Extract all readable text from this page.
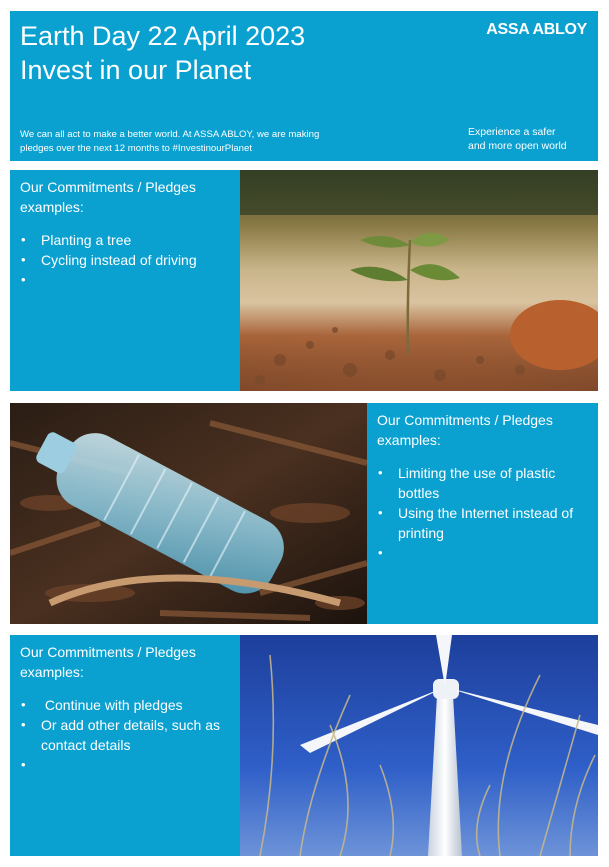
Earth Day 22 April 2023
Invest in our Planet
ASSA ABLOY
We can all act to make a better world. At ASSA ABLOY, we are making
pledges over the next 12 months to #InvestinourPlanet
Experience a safer
and more open world
Our Commitments / Pledges
examples:
• Planting a tree
• Cycling instead of driving
•
Our Commitments / Pledges
examples:
• Limiting the use of plastic bottles
• Using the Internet instead of printing
•
Our Commitments / Pledges
examples:
•  Continue with pledges
• Or add other details, such as contact details
•
